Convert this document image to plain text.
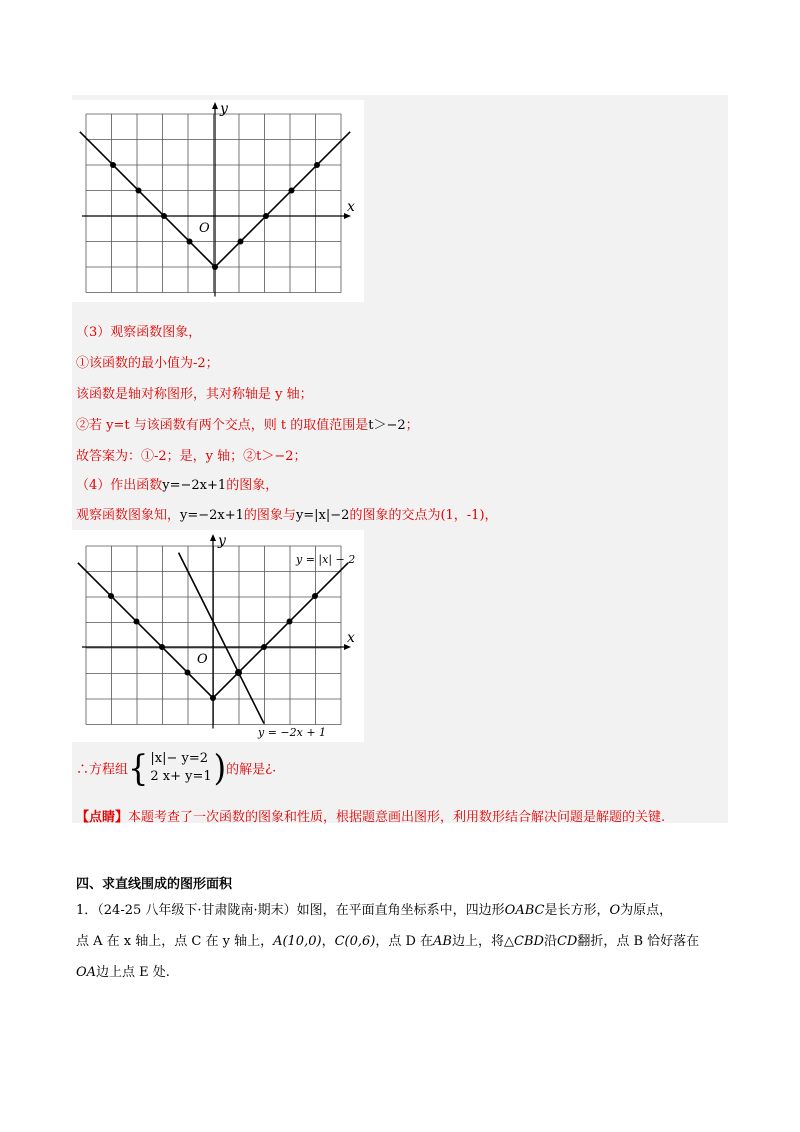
x
y
O
（3）观察函数图象，
①该函数的最小值为-2；
该函数是轴对称图形，其对称轴是 y 轴；
②若 y=t 与该函数有两个交点，则 t 的取值范围是t＞−2；
故答案为：①-2；是，y 轴；②t＞−2；
（4）作出函数y=−2x+1的图象，
观察函数图象知，y=−2x+1的图象与y=|x|−2的图象的交点为(1，-1)，
x
y
O
y = |x| − 2
y = −2x + 1
∴方程组{ |x|− y=2
2 x+ y=1)的解是¿.
【点睛】本题考查了一次函数的图象和性质，根据题意画出图形，利用数形结合解决问题是解题的关键.
四、求直线围成的图形面积
1．（24-25 八年级下·甘肃陇南·期末）如图，在平面直角坐标系中，四边形OABC是长方形，O为原点，
点 A 在 x 轴上，点 C 在 y 轴上，A(10,0)，C(0,6)，点 D 在AB边上，将△CBD沿CD翻折，点 B 恰好落在
OA边上点 E 处.
